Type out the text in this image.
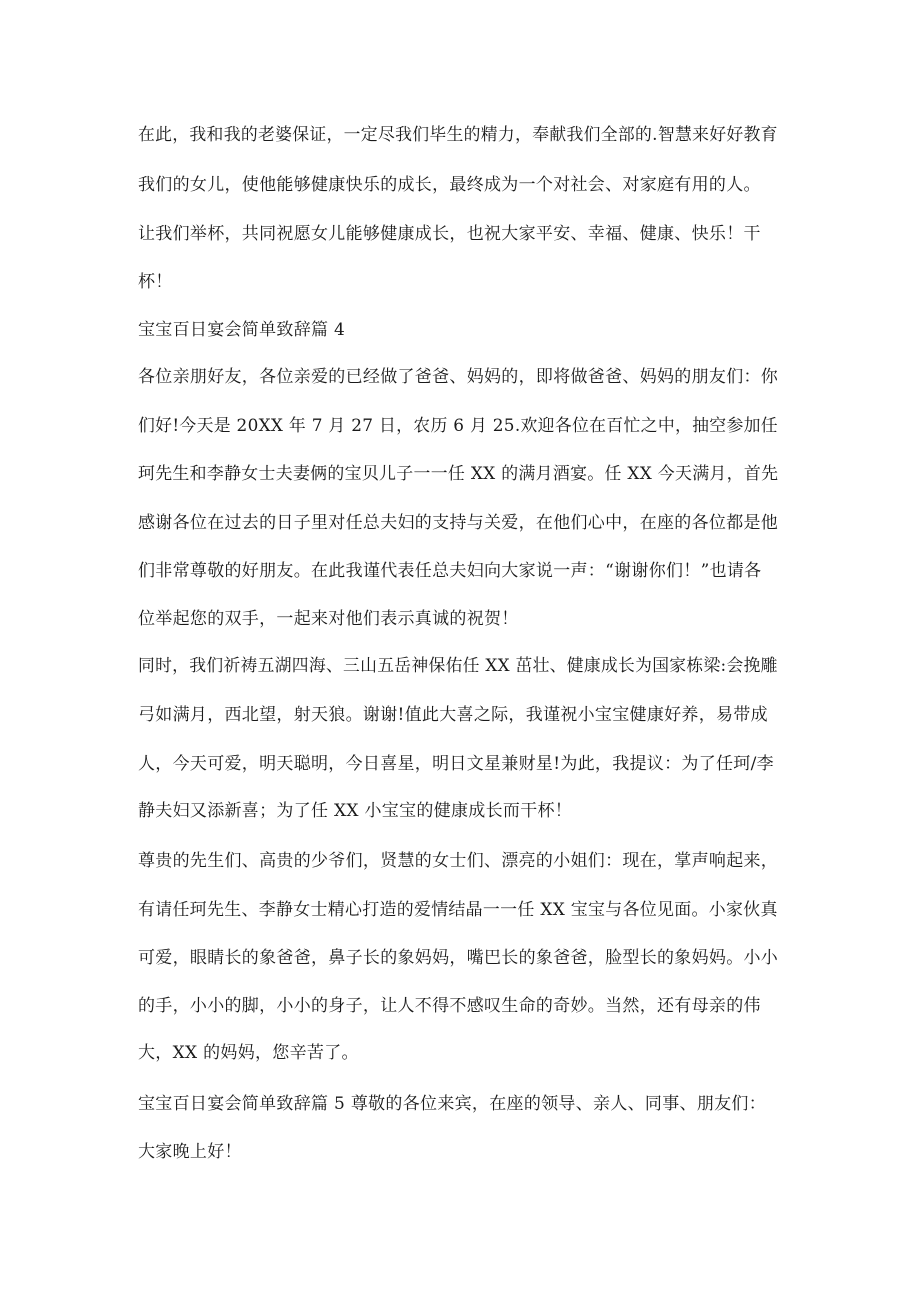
在此，我和我的老婆保证，一定尽我们毕生的精力，奉献我们全部的.智慧来好好教育
我们的女儿，使他能够健康快乐的成长，最终成为一个对社会、对家庭有用的人。
让我们举杯，共同祝愿女儿能够健康成长，也祝大家平安、幸福、健康、快乐！干
杯！
宝宝百日宴会简单致辞篇 4
各位亲朋好友，各位亲爱的已经做了爸爸、妈妈的，即将做爸爸、妈妈的朋友们：你
们好!今天是 20XX 年 7 月 27 日，农历 6 月 25.欢迎各位在百忙之中，抽空参加任
珂先生和李静女士夫妻俩的宝贝儿子一一任 XX 的满月酒宴。任 XX 今天满月，首先
感谢各位在过去的日子里对任总夫妇的支持与关爱，在他们心中，在座的各位都是他
们非常尊敬的好朋友。在此我谨代表任总夫妇向大家说一声：“谢谢你们！”也请各
位举起您的双手，一起来对他们表示真诚的祝贺！
同时，我们祈祷五湖四海、三山五岳神保佑任 XX 茁壮、健康成长为国家栋梁:会挽雕
弓如满月，西北望，射天狼。谢谢!值此大喜之际，我谨祝小宝宝健康好养，易带成
人，今天可爱，明天聪明，今日喜星，明日文星兼财星!为此，我提议：为了任珂/李
静夫妇又添新喜；为了任 XX 小宝宝的健康成长而干杯！
尊贵的先生们、高贵的少爷们，贤慧的女士们、漂亮的小姐们：现在，掌声响起来，
有请任珂先生、李静女士精心打造的爱情结晶一一任 XX 宝宝与各位见面。小家伙真
可爱，眼睛长的象爸爸，鼻子长的象妈妈，嘴巴长的象爸爸，脸型长的象妈妈。小小
的手，小小的脚，小小的身子，让人不得不感叹生命的奇妙。当然，还有母亲的伟
大，XX 的妈妈，您辛苦了。
宝宝百日宴会简单致辞篇 5 尊敬的各位来宾，在座的领导、亲人、同事、朋友们：
大家晚上好！
